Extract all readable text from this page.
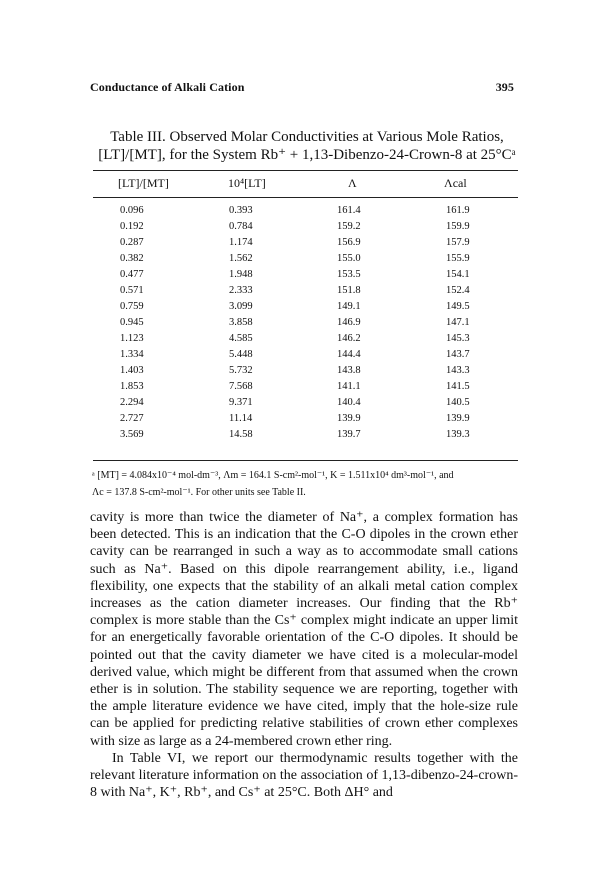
Conductance of Alkali Cation	395
Table III. Observed Molar Conductivities at Various Mole Ratios,
[LT]/[MT], for the System Rb⁺ + 1,13-Dibenzo-24-Crown-8 at 25°Cᵃ
[LT]/[MT]	10⁴[LT]	Λ	Λcal
0.096	0.393	161.4	161.9
0.192	0.784	159.2	159.9
0.287	1.174	156.9	157.9
0.382	1.562	155.0	155.9
0.477	1.948	153.5	154.1
0.571	2.333	151.8	152.4
0.759	3.099	149.1	149.5
0.945	3.858	146.9	147.1
1.123	4.585	146.2	145.3
1.334	5.448	144.4	143.7
1.403	5.732	143.8	143.3
1.853	7.568	141.1	141.5
2.294	9.371	140.4	140.5
2.727	11.14	139.9	139.9
3.569	14.58	139.7	139.3
ᵃ [MT] = 4.084x10⁻⁴ mol-dm⁻³, Λm = 164.1 S-cm²-mol⁻¹, K = 1.511x10⁴ dm³-mol⁻¹, and
Λc = 137.8 S-cm²-mol⁻¹. For other units see Table II.

cavity is more than twice the diameter of Na⁺, a complex formation has been detected. This is an indication that the C-O dipoles in the crown ether cavity can be rearranged in such a way as to accommodate small cations such as Na⁺. Based on this dipole rearrangement ability, i.e., ligand flexibility, one expects that the stability of an alkali metal cation complex increases as the cation diameter increases. Our finding that the Rb⁺ complex is more stable than the Cs⁺ complex might indicate an upper limit for an energetically favorable orientation of the C-O dipoles. It should be pointed out that the cavity diameter we have cited is a molecular-model derived value, which might be different from that assumed when the crown ether is in solution. The stability sequence we are reporting, together with the ample literature evidence we have cited, imply that the hole-size rule can be applied for predicting relative stabilities of crown ether complexes with size as large as a 24-membered crown ether ring.

In Table VI, we report our thermodynamic results together with the relevant literature information on the association of 1,13-dibenzo-24-crown-8 with Na⁺, K⁺, Rb⁺, and Cs⁺ at 25°C. Both ΔH° and
